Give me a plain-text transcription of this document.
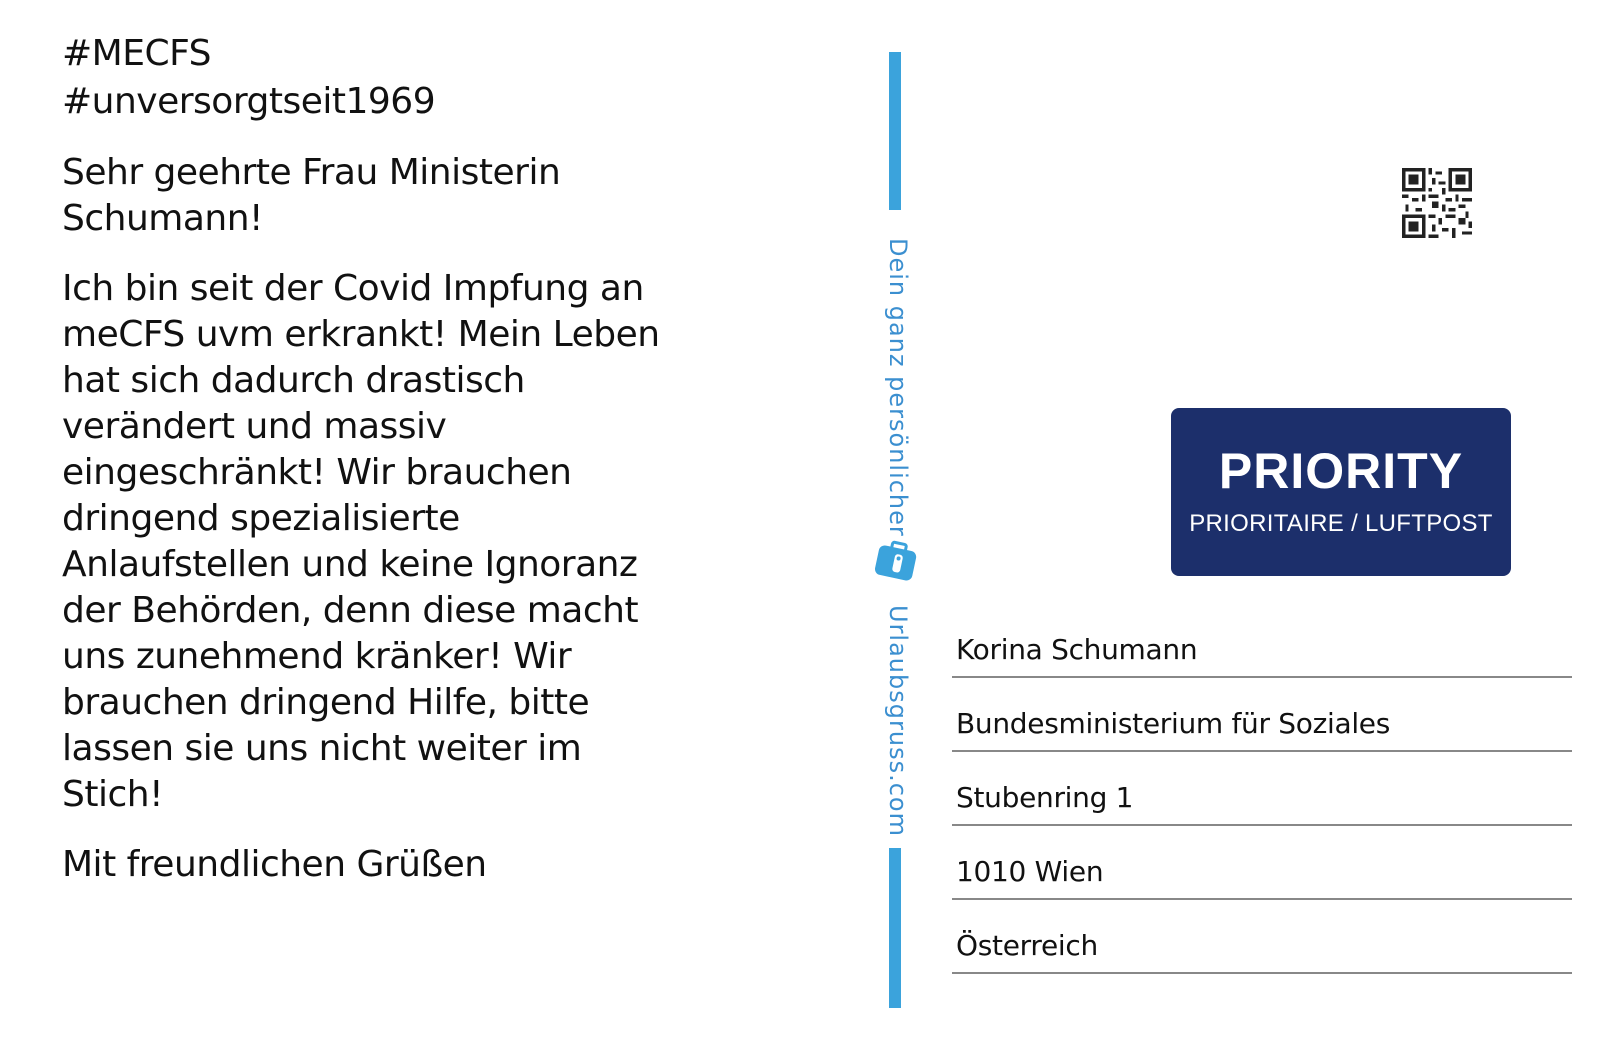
#MECFS
#unversorgtseit1969
Sehr geehrte Frau Ministerin
Schumann!
Ich bin seit der Covid Impfung an
meCFS uvm erkrankt! Mein Leben
hat sich dadurch drastisch
verändert und massiv
eingeschränkt! Wir brauchen
dringend spezialisierte
Anlaufstellen und keine Ignoranz
der Behörden, denn diese macht
uns zunehmend kränker! Wir
brauchen dringend Hilfe, bitte
lassen sie uns nicht weiter im
Stich!
Mit freundlichen Grüßen
Dein ganz persönlicher
Urlaubsgruss.com
PRIORITY
PRIORITAIRE / LUFTPOST
Korina Schumann
Bundesministerium für Soziales
Stubenring 1
1010 Wien
Österreich
